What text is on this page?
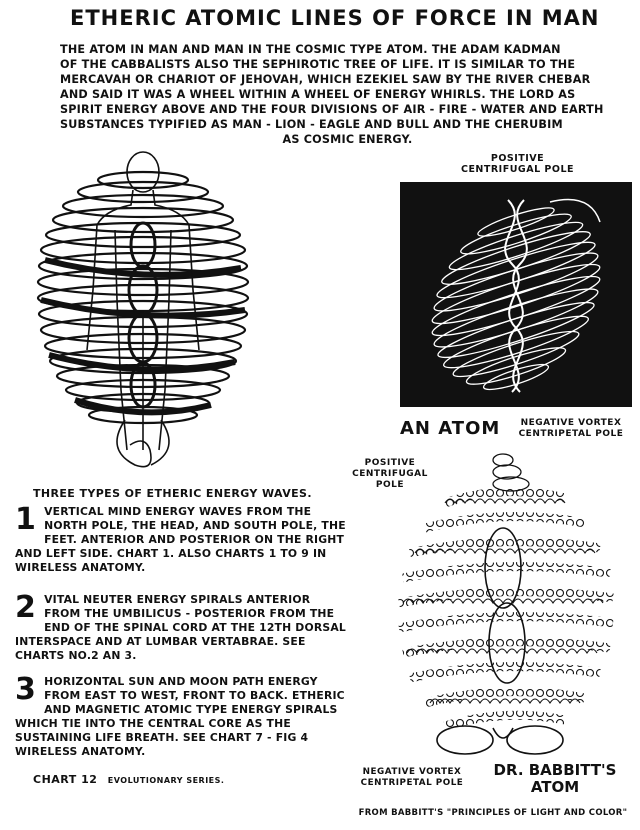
ETHERIC ATOMIC LINES OF FORCE IN MAN

THE ATOM IN MAN AND MAN IN THE COSMIC TYPE ATOM. THE ADAM KADMAN

OF THE CABBALISTS ALSO THE SEPHIROTIC TREE OF LIFE. IT IS SIMILAR TO THE

MERCAVAH OR CHARIOT OF JEHOVAH, WHICH EZEKIEL SAW BY THE RIVER CHEBAR

AND SAID IT WAS A WHEEL WITHIN A WHEEL OF ENERGY WHIRLS. THE LORD AS

SPIRIT ENERGY ABOVE AND THE FOUR DIVISIONS OF AIR - FIRE - WATER AND EARTH

SUBSTANCES TYPIFIED AS MAN - LION - EAGLE AND BULL AND THE CHERUBIM

AS COSMIC ENERGY.

POSITIVE
CENTRIFUGAL POLE
AN ATOM	NEGATIVE VORTEX
CENTRIPETAL POLE
POSITIVE
CENTRIFUGAL
POLE
NEGATIVE VORTEX
CENTRIPETAL POLE
DR. BABBITT'S
ATOM
FROM BABBITT'S "PRINCIPLES OF LIGHT AND COLOR"
THREE TYPES OF ETHERIC ENERGY WAVES.
1 VERTICAL MIND ENERGY WAVES FROM THE NORTH POLE, THE HEAD, AND SOUTH POLE, THE FEET. ANTERIOR AND POSTERIOR ON THE RIGHT AND LEFT SIDE. CHART 1. ALSO CHARTS 1 TO 9 IN WIRELESS ANATOMY.

2 VITAL NEUTER ENERGY SPIRALS ANTERIOR FROM THE UMBILICUS - POSTERIOR FROM THE END OF THE SPINAL CORD AT THE 12TH DORSAL INTERSPACE AND AT LUMBAR VERTABRAE. SEE CHARTS NO.2 AN 3.

3 HORIZONTAL SUN AND MOON PATH ENERGY FROM EAST TO WEST, FRONT TO BACK. ETHERIC AND MAGNETIC ATOMIC TYPE ENERGY SPIRALS WHICH TIE INTO THE CENTRAL CORE AS THE SUSTAINING LIFE BREATH. SEE CHART 7 - FIG 4 WIRELESS ANATOMY.

CHART 12 EVOLUTIONARY SERIES.
